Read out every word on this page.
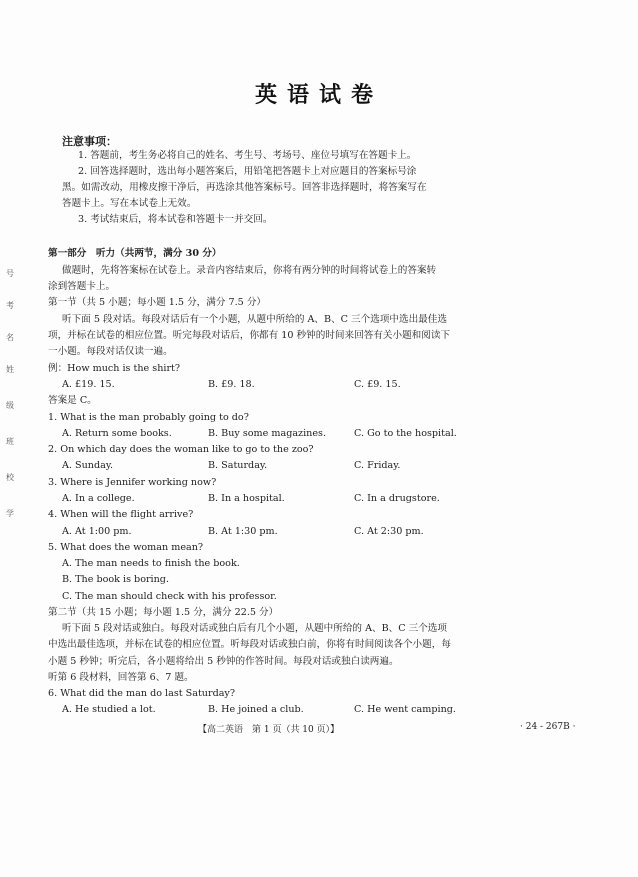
英语试卷
注意事项：
1. 答题前，考生务必将自己的姓名、考生号、考场号、座位号填写在答题卡上。
2. 回答选择题时，选出每小题答案后，用铅笔把答题卡上对应题目的答案标号涂
黑。如需改动，用橡皮擦干净后，再选涂其他答案标号。回答非选择题时，将答案写在
答题卡上。写在本试卷上无效。
3. 考试结束后，将本试卷和答题卡一并交回。
第一部分　听力（共两节，满分 30 分）
做题时，先将答案标在试卷上。录音内容结束后，你将有两分钟的时间将试卷上的答案转
涂到答题卡上。
第一节（共 5 小题；每小题 1.5 分，满分 7.5 分）
听下面 5 段对话。每段对话后有一个小题，从题中所给的 A、B、C 三个选项中选出最佳选
项，并标在试卷的相应位置。听完每段对话后，你都有 10 秒钟的时间来回答有关小题和阅读下
一小题。每段对话仅读一遍。
例：How much is the shirt?
A. £19. 15.	B. £9. 18.	C. £9. 15.
答案是 C。
1. What is the man probably going to do?
A. Return some books.	B. Buy some magazines.	C. Go to the hospital.
2. On which day does the woman like to go to the zoo?
A. Sunday.	B. Saturday.	C. Friday.
3. Where is Jennifer working now?
A. In a college.	B. In a hospital.	C. In a drugstore.
4. When will the flight arrive?
A. At 1:00 pm.	B. At 1:30 pm.	C. At 2:30 pm.
5. What does the woman mean?
A. The man needs to finish the book.
B. The book is boring.
C. The man should check with his professor.
第二节（共 15 小题；每小题 1.5 分，满分 22.5 分）
听下面 5 段对话或独白。每段对话或独白后有几个小题，从题中所给的 A、B、C 三个选项
中选出最佳选项，并标在试卷的相应位置。听每段对话或独白前，你将有时间阅读各个小题，每
小题 5 秒钟；听完后，各小题将给出 5 秒钟的作答时间。每段对话或独白读两遍。
听第 6 段材料，回答第 6、7 题。
6. What did the man do last Saturday?
A. He studied a lot.	B. He joined a club.	C. He went camping.
【高二英语　第 1 页（共 10 页）】	· 24 - 267B ·
号
考
名
姓
级
班
校
学
